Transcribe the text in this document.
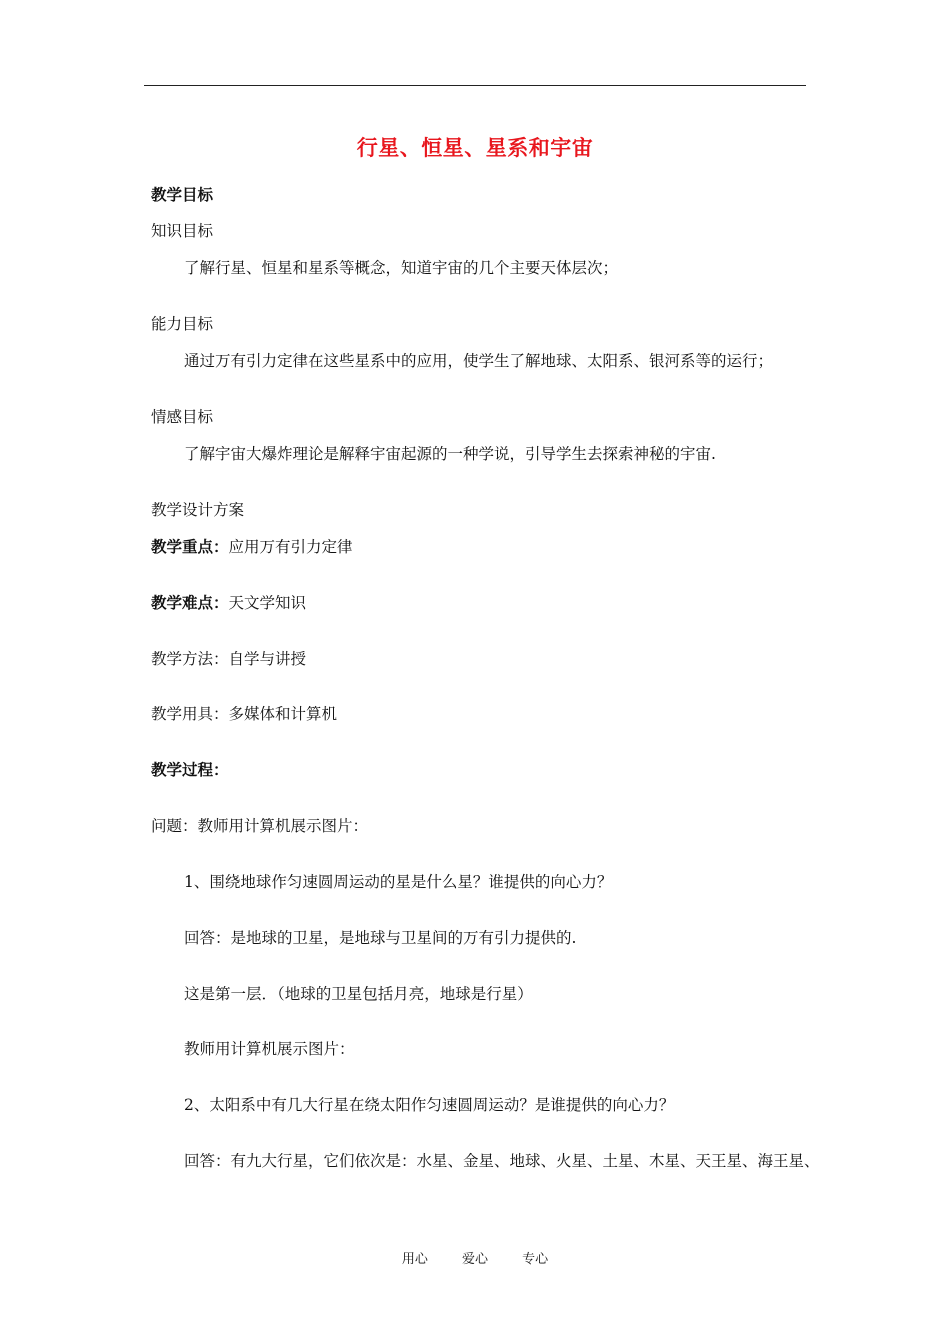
行星、恒星、星系和宇宙
教学目标
知识目标
了解行星、恒星和星系等概念，知道宇宙的几个主要天体层次；
能力目标
通过万有引力定律在这些星系中的应用，使学生了解地球、太阳系、银河系等的运行；
情感目标
了解宇宙大爆炸理论是解释宇宙起源的一种学说，引导学生去探索神秘的宇宙.
教学设计方案
教学重点：应用万有引力定律
教学难点：天文学知识
教学方法：自学与讲授
教学用具：多媒体和计算机
教学过程：
问题：教师用计算机展示图片：
1、围绕地球作匀速圆周运动的星是什么星？谁提供的向心力？
回答：是地球的卫星，是地球与卫星间的万有引力提供的.
这是第一层．（地球的卫星包括月亮，地球是行星）
教师用计算机展示图片：
2、太阳系中有几大行星在绕太阳作匀速圆周运动？是谁提供的向心力？
回答：有九大行星，它们依次是：水星、金星、地球、火星、土星、木星、天王星、海王星、
用心	爱心	专心
